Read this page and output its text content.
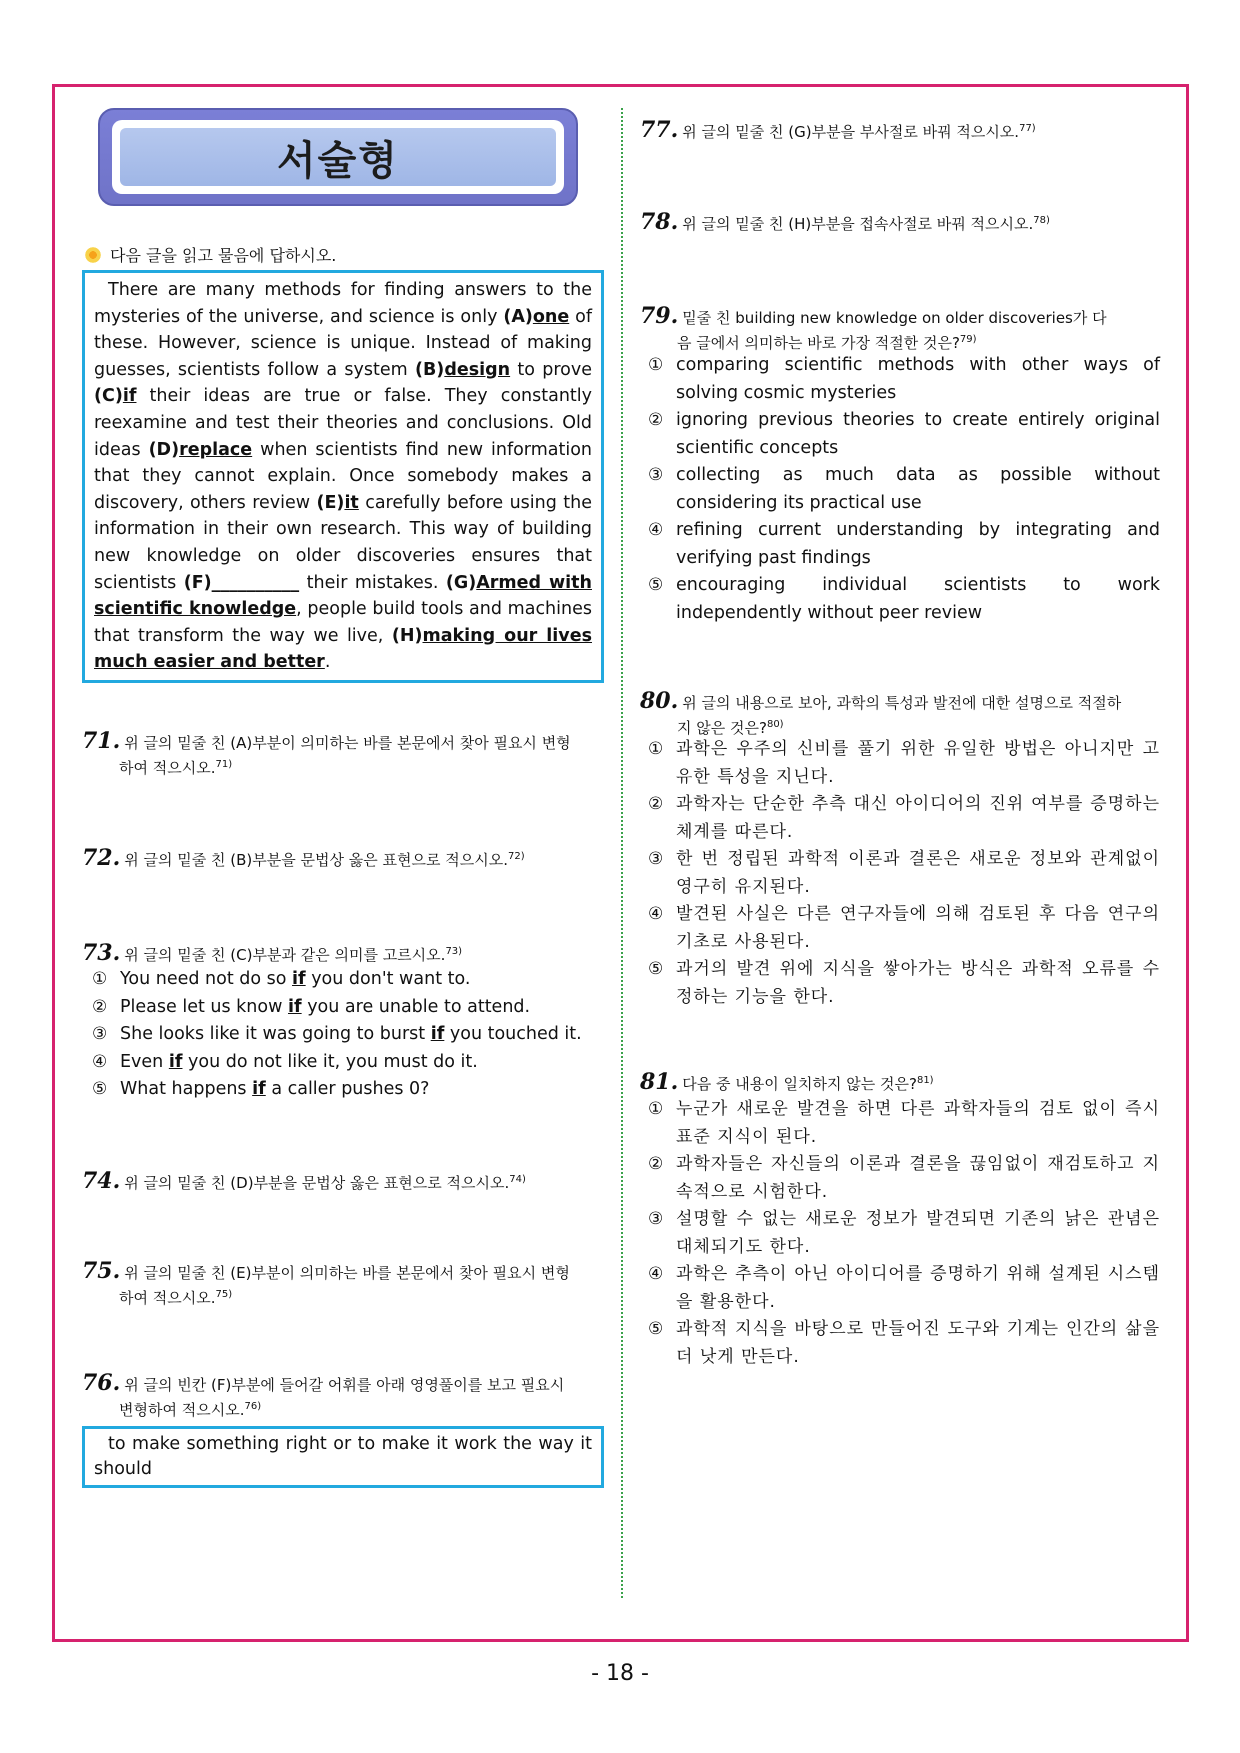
서술형
다음 글을 읽고 물음에 답하시오.
There are many methods for finding answers to the mysteries of the universe, and science is only (A)one of these. However, science is unique. Instead of making guesses, scientists follow a system (B)design to prove (C)if their ideas are true or false. They constantly reexamine and test their theories and conclusions. Old ideas (D)replace when scientists find new information that they cannot explain. Once somebody makes a discovery, others review (E)it carefully before using the information in their own research. This way of building new knowledge on older discoveries ensures that scientists (F)__________ their mistakes. (G)Armed with scientific knowledge, people build tools and machines that transform the way we live, (H)making our lives much easier and better.
71. 위 글의 밑줄 친 (A)부분이 의미하는 바를 본문에서 찾아 필요시 변형
하여 적으시오.$^{71)}$
72. 위 글의 밑줄 친 (B)부분을 문법상 옳은 표현으로 적으시오.$^{72)}$
73. 위 글의 밑줄 친 (C)부분과 같은 의미를 고르시오.$^{73)}$
① You need not do so if you don't want to.
② Please let us know if you are unable to attend.
③ She looks like it was going to burst if you touched it.
④ Even if you do not like it, you must do it.
⑤ What happens if a caller pushes 0?
74. 위 글의 밑줄 친 (D)부분을 문법상 옳은 표현으로 적으시오.$^{74)}$
75. 위 글의 밑줄 친 (E)부분이 의미하는 바를 본문에서 찾아 필요시 변형
하여 적으시오.$^{75)}$
76. 위 글의 빈칸 (F)부분에 들어갈 어휘를 아래 영영풀이를 보고 필요시
변형하여 적으시오.$^{76)}$
to make something right or to make it work the way it should
77. 위 글의 밑줄 친 (G)부분을 부사절로 바꿔 적으시오.$^{77)}$
78. 위 글의 밑줄 친 (H)부분을 접속사절로 바꿔 적으시오.$^{78)}$
79. 밑줄 친 building new knowledge on older discoveries가 다
음 글에서 의미하는 바로 가장 적절한 것은?$^{79)}$
① comparing scientific methods with other ways of solving cosmic mysteries
② ignoring previous theories to create entirely original scientific concepts
③ collecting as much data as possible without considering its practical use
④ refining current understanding by integrating and verifying past findings
⑤ encouraging individual scientists to work independently without peer review
80. 위 글의 내용으로 보아, 과학의 특성과 발전에 대한 설명으로 적절하
지 않은 것은?$^{80)}$
① 과학은 우주의 신비를 풀기 위한 유일한 방법은 아니지만 고유한 특성을 지닌다.
② 과학자는 단순한 추측 대신 아이디어의 진위 여부를 증명하는 체계를 따른다.
③ 한 번 정립된 과학적 이론과 결론은 새로운 정보와 관계없이 영구히 유지된다.
④ 발견된 사실은 다른 연구자들에 의해 검토된 후 다음 연구의 기초로 사용된다.
⑤ 과거의 발견 위에 지식을 쌓아가는 방식은 과학적 오류를 수정하는 기능을 한다.
81. 다음 중 내용이 일치하지 않는 것은?$^{81)}$
① 누군가 새로운 발견을 하면 다른 과학자들의 검토 없이 즉시 표준 지식이 된다.
② 과학자들은 자신들의 이론과 결론을 끊임없이 재검토하고 지속적으로 시험한다.
③ 설명할 수 없는 새로운 정보가 발견되면 기존의 낡은 관념은 대체되기도 한다.
④ 과학은 추측이 아닌 아이디어를 증명하기 위해 설계된 시스템을 활용한다.
⑤ 과학적 지식을 바탕으로 만들어진 도구와 기계는 인간의 삶을 더 낫게 만든다.
- 18 -
